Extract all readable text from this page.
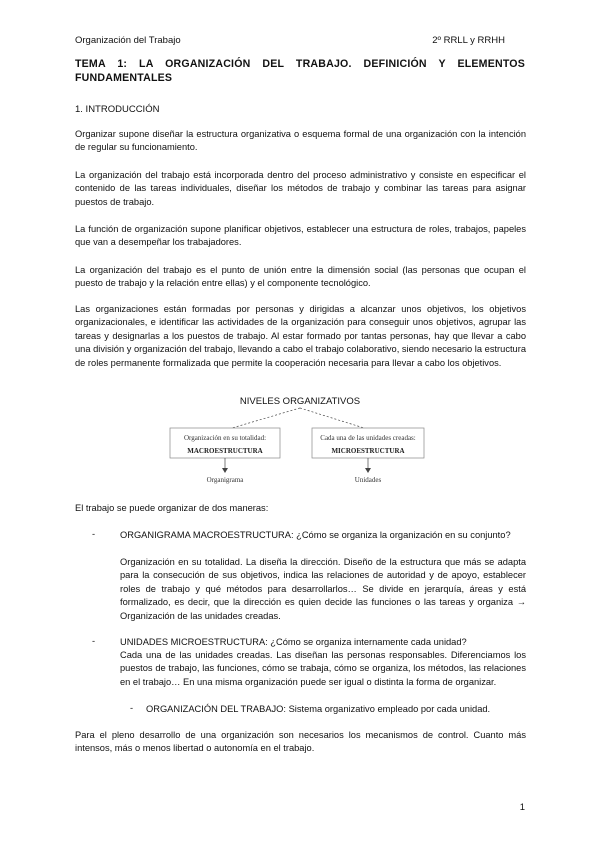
Organización del Trabajo	2º RRLL y RRHH
TEMA 1: LA ORGANIZACIÓN DEL TRABAJO. DEFINICIÓN Y ELEMENTOS
FUNDAMENTALES
1. INTRODUCCIÓN

Organizar supone diseñar la estructura organizativa o esquema formal de una organización con la intención de regular su funcionamiento.

La organización del trabajo está incorporada dentro del proceso administrativo y consiste en especificar el contenido de las tareas individuales, diseñar los métodos de trabajo y combinar las tareas para asignar puestos de trabajo.

La función de organización supone planificar objetivos, establecer una estructura de roles, trabajos, papeles que van a desempeñar los trabajadores.

La organización del trabajo es el punto de unión entre la dimensión social (las personas que ocupan el puesto de trabajo y la relación entre ellas) y el componente tecnológico.

Las organizaciones están formadas por personas y dirigidas a alcanzar unos objetivos, los objetivos organizacionales, e identificar las actividades de la organización para conseguir unos objetivos, agrupar las tareas y designarlas a los puestos de trabajo. Al estar formado por tantas personas, hay que llevar a cabo una división y organización del trabajo, llevando a cabo el trabajo colaborativo, siendo necesario la estructura de roles permanente formalizada que permite la cooperación necesaria para llevar a cabo los objetivos.

NIVELES ORGANIZATIVOS
Organización en su totalidad:
MACROESTRUCTURA
Cada una de las unidades creadas:
MICROESTRUCTURA
Organigrama	Unidades

El trabajo se puede organizar de dos maneras:

-	ORGANIGRAMA MACROESTRUCTURA: ¿Cómo se organiza la organización en su conjunto?

Organización en su totalidad. La diseña la dirección. Diseño de la estructura que más se adapta para la consecución de sus objetivos, indica las relaciones de autoridad y de apoyo, establecer roles de trabajo y qué métodos para desarrollarlos… Se divide en jerarquía, áreas y está formalizado, es decir, que la dirección es quien decide las funciones o las tareas y organiza → Organización de las unidades creadas.

-	UNIDADES MICROESTRUCTURA: ¿Cómo se organiza internamente cada unidad?

Cada una de las unidades creadas. Las diseñan las personas responsables. Diferenciamos los puestos de trabajo, las funciones, cómo se trabaja, cómo se organiza, los métodos, las relaciones en el trabajo… En una misma organización puede ser igual o distinta la forma de organizar.

- ORGANIZACIÓN DEL TRABAJO: Sistema organizativo empleado por cada unidad.

Para el pleno desarrollo de una organización son necesarios los mecanismos de control. Cuanto más intensos, más o menos libertad o autonomía en el trabajo.

1
